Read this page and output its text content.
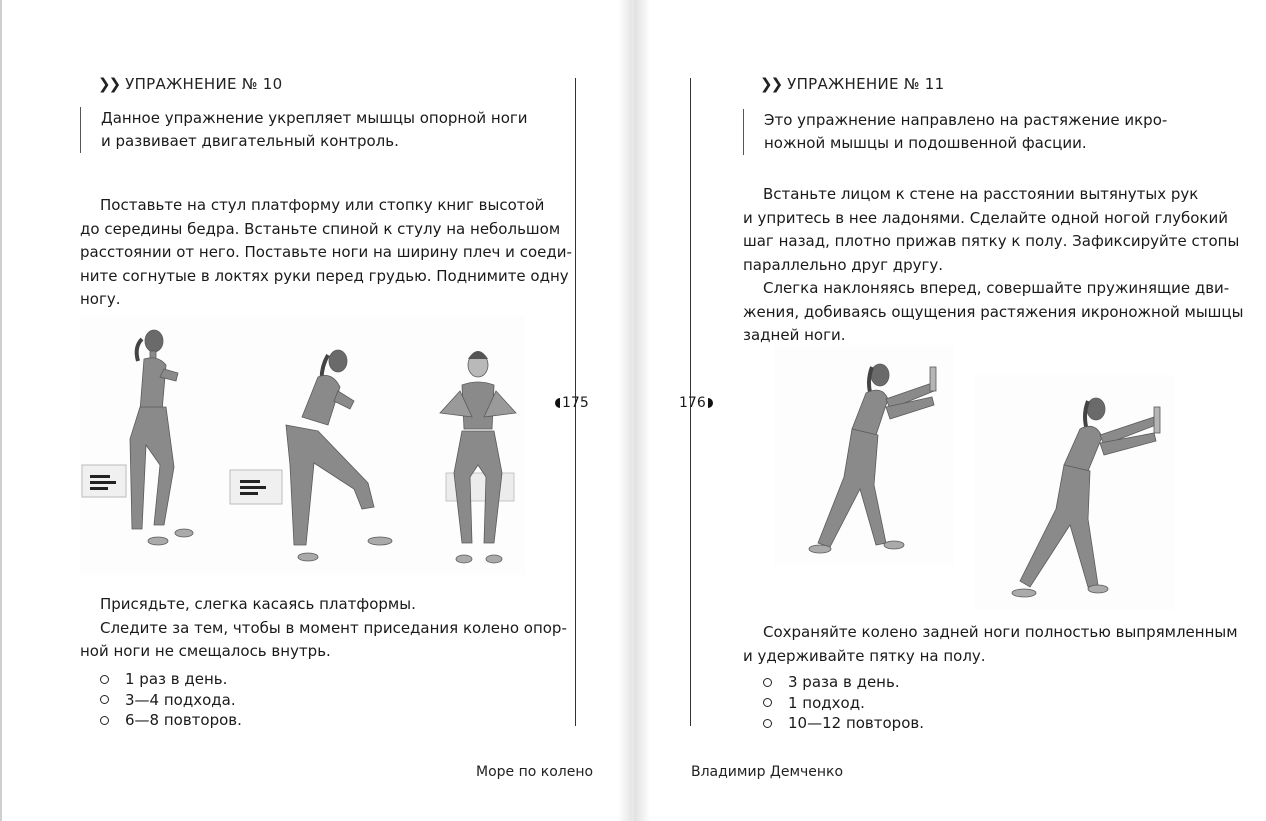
❯❯ УПРАЖНЕНИЕ № 10
Данное упражнение укрепляет мышцы опорной ноги
и развивает двигательный контроль.
Поставьте на стул платформу или стопку книг высотой
до середины бедра. Встаньте спиной к стулу на небольшом
расстоянии от него. Поставьте ноги на ширину плеч и соеди-
ните согнутые в локтях руки перед грудью. Поднимите одну
ногу.
Присядьте, слегка касаясь платформы.
Следите за тем, чтобы в момент приседания колено опор-
ной ноги не смещалось внутрь.
1 раз в день.
3—4 подхода.
6—8 повторов.
175
Море по колено
176
❯❯ УПРАЖНЕНИЕ № 11
Это упражнение направлено на растяжение икро-
ножной мышцы и подошвенной фасции.
Встаньте лицом к стене на расстоянии вытянутых рук
и упритесь в нее ладонями. Сделайте одной ногой глубокий
шаг назад, плотно прижав пятку к полу. Зафиксируйте стопы
параллельно друг другу.
Слегка наклоняясь вперед, совершайте пружинящие дви-
жения, добиваясь ощущения растяжения икроножной мышцы
задней ноги.
Сохраняйте колено задней ноги полностью выпрямленным
и удерживайте пятку на полу.
3 раза в день.
1 подход.
10—12 повторов.
Владимир Демченко
